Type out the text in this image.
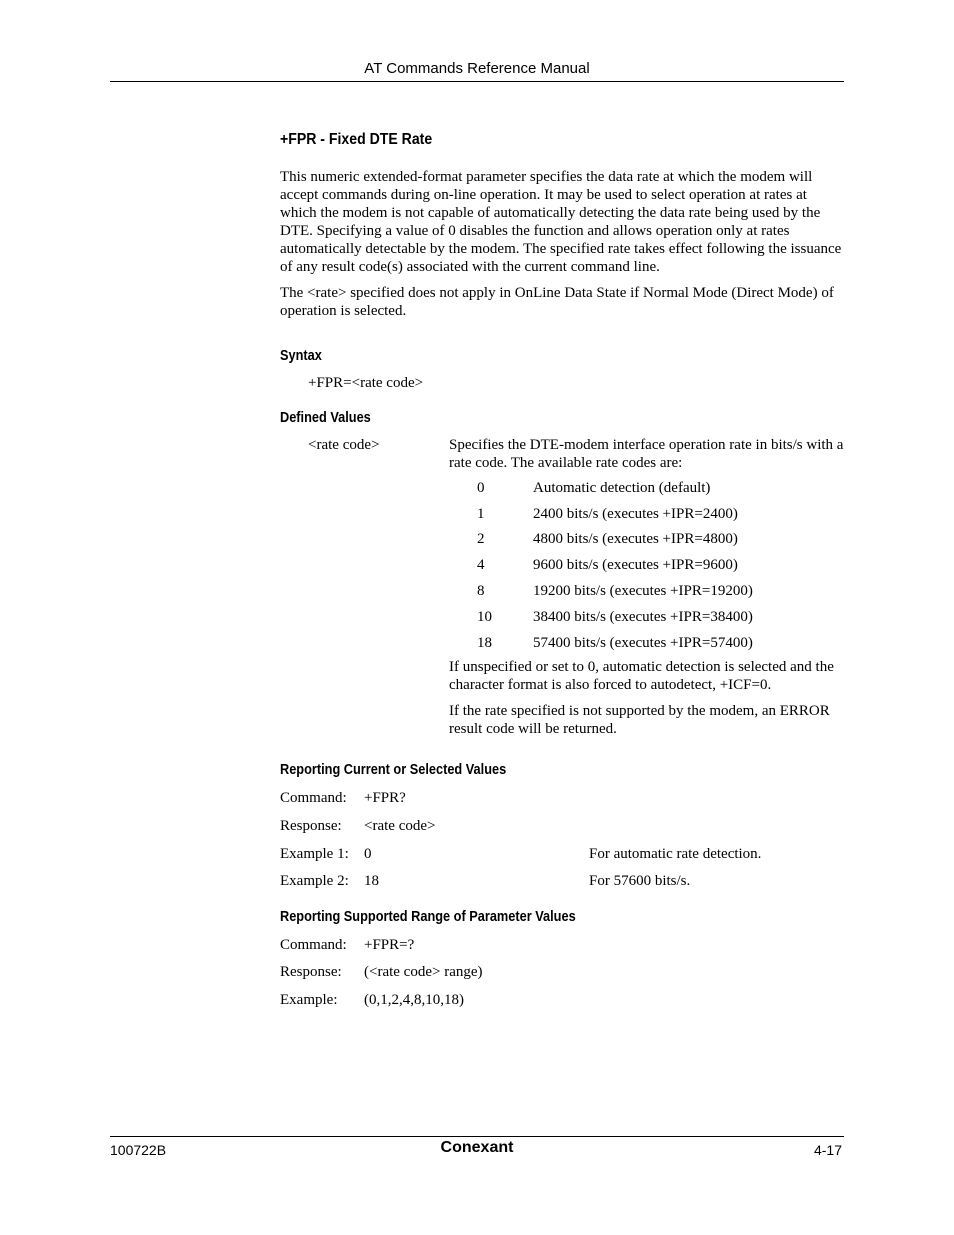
AT Commands Reference Manual
+FPR - Fixed DTE Rate

This numeric extended-format parameter specifies the data rate at which the modem will accept commands during on-line operation. It may be used to select operation at rates at which the modem is not capable of automatically detecting the data rate being used by the DTE. Specifying a value of 0 disables the function and allows operation only at rates automatically detectable by the modem. The specified rate takes effect following the issuance of any result code(s) associated with the current command line.

The <rate> specified does not apply in OnLine Data State if Normal Mode (Direct Mode) of operation is selected.

Syntax
+FPR=<rate code>
Defined Values
<rate code>	Specifies the DTE-modem interface operation rate in bits/s with a rate code. The available rate codes are:

0	Automatic detection (default)
1	2400 bits/s (executes +IPR=2400)
2	4800 bits/s (executes +IPR=4800)
4	9600 bits/s (executes +IPR=9600)
8	19200 bits/s (executes +IPR=19200)
10	38400 bits/s (executes +IPR=38400)
18	57400 bits/s (executes +IPR=57400)

If unspecified or set to 0, automatic detection is selected and the character format is also forced to autodetect, +ICF=0.

If the rate specified is not supported by the modem, an ERROR result code will be returned.

Reporting Current or Selected Values
Command:	+FPR?
Response:	<rate code>
Example 1:	0	For automatic rate detection.
Example 2:	18	For 57600 bits/s.
Reporting Supported Range of Parameter Values
Command:	+FPR=?
Response:	(<rate code> range)
Example:	(0,1,2,4,8,10,18)
100722B	Conexant	4-17
